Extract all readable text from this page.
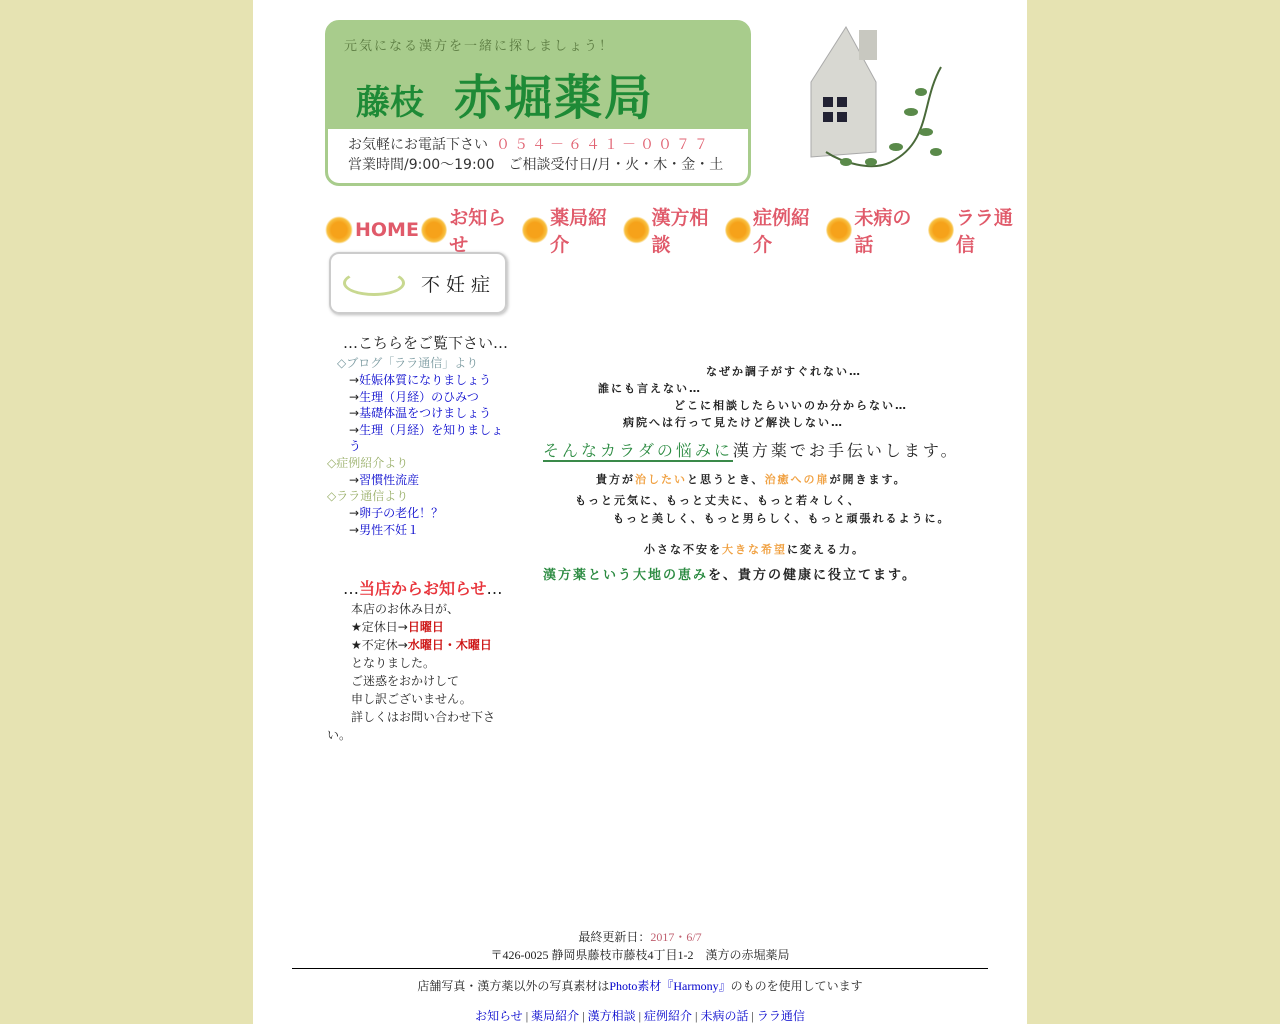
元気になる漢方を一緒に探しましょう！
藤枝 赤堀薬局
お気軽にお電話下さい ０５４－６４１－００７７
営業時間/9:00～19:00　ご相談受付日/月・火・木・金・土
HOME
お知らせ
薬局紹介
漢方相談
症例紹介
未病の話
ララ通信
不妊症
…こちらをご覧下さい…
◇ブログ「ララ通信」より
→ 妊娠体質になりましょう
→ 生理（月経）のひみつ
→ 基礎体温をつけましょう
→ 生理（月経）を知りましょう
◇症例紹介より
→ 習慣性流産
◇ララ通信より
→ 卵子の老化！？
→ 男性不妊１
…当店からお知らせ…

本店のお休み日が、

★定休日→日曜日

★不定休→水曜日・木曜日

となりました。

ご迷惑をおかけして

申し訳ございません。

詳しくはお問い合わせ下さい。

なぜか調子がすぐれない…
誰にも言えない…
どこに相談したらいいのか分からない…
病院へは行って見たけど解決しない…
そんなカラダの悩みに漢方薬でお手伝いします。
貴方が治したいと思うとき、治癒への扉が開きます。
もっと元気に、もっと丈夫に、もっと若々しく、
もっと美しく、もっと男らしく、もっと頑張れるように。
小さな不安を大きな希望に変える力。
漢方薬という大地の恵みを、貴方の健康に役立てます。
最終更新日：2017・6/7
〒426-0025 静岡県藤枝市藤枝4丁目1-2　漢方の赤堀薬局
店舗写真・漢方薬以外の写真素材はPhoto素材『Harmony』のものを使用しています
お知らせ | 薬局紹介 | 漢方相談 | 症例紹介 | 未病の話 | ララ通信
